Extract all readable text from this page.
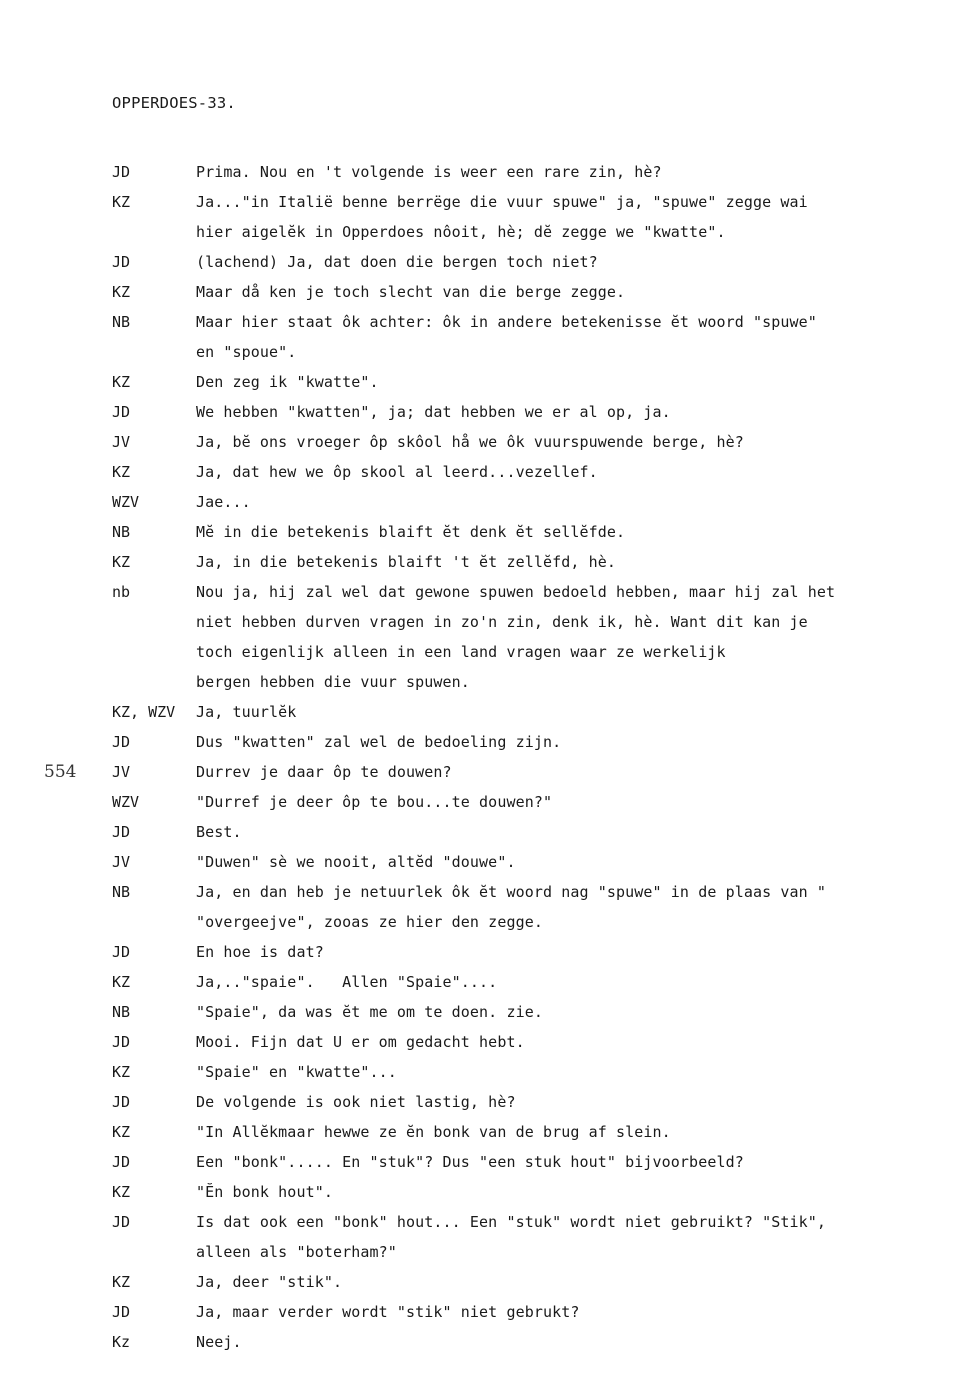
OPPERDOES-33.
554
JD	Prima. Nou en 't volgende is weer een rare zin, hè?
KZ	Ja..."in Italië benne berrëge die vuur spuwe" ja, "spuwe" zegge wai
hier aigelĕk in Opperdoes nôoit, hè; dĕ zegge we "kwatte".
JD	(lachend) Ja, dat doen die bergen toch niet?
KZ	Maar då ken je toch slecht van die berge zegge.
NB	Maar hier staat ôk achter: ôk in andere betekenisse ĕt woord "spuwe"
en "spoue".
KZ	Den zeg ik "kwatte".
JD	We hebben "kwatten", ja; dat hebben we er al op, ja.
JV	Ja, bĕ ons vroeger ôp skôol hå we ôk vuurspuwende berge, hè?
KZ	Ja, dat hew we ôp skool al leerd...vezellef.
WZV	Jae...
NB	Mĕ in die betekenis blaift ĕt denk ĕt sellĕfde.
KZ	Ja, in die betekenis blaift 't ĕt zellĕfd, hè.
nb	Nou ja, hij zal wel dat gewone spuwen bedoeld hebben, maar hij zal het
niet hebben durven vragen in zo'n zin, denk ik, hè. Want dit kan je
toch eigenlijk alleen in een land vragen waar ze werkelijk
bergen hebben die vuur spuwen.
KZ, WZV	Ja, tuurlĕk
JD	Dus "kwatten" zal wel de bedoeling zijn.
JV	Durrev je daar ôp te douwen?
WZV	"Durref je deer ôp te bou...te douwen?"
JD	Best.
JV	"Duwen" sè we nooit, altĕd "douwe".
NB	Ja, en dan heb je netuurlek ôk ĕt woord nag "spuwe" in de plaas van "
"overgeejve", zooas ze hier den zegge.
JD	En hoe is dat?
KZ	Ja,.."spaie".   Allen "Spaie"....
NB	"Spaie", da was ĕt me om te doen. zie.
JD	Mooi. Fijn dat U er om gedacht hebt.
KZ	"Spaie" en "kwatte"...
JD	De volgende is ook niet lastig, hè?
KZ	"In Allĕkmaar hewwe ze ĕn bonk van de brug af slein.
JD	Een "bonk"..... En "stuk"? Dus "een stuk hout" bijvoorbeeld?
KZ	"Ĕn bonk hout".
JD	Is dat ook een "bonk" hout... Een "stuk" wordt niet gebruikt? "Stik",
alleen als "boterham?"
KZ	Ja, deer "stik".
JD	Ja, maar verder wordt "stik" niet gebrukt?
Kz	Neej.
